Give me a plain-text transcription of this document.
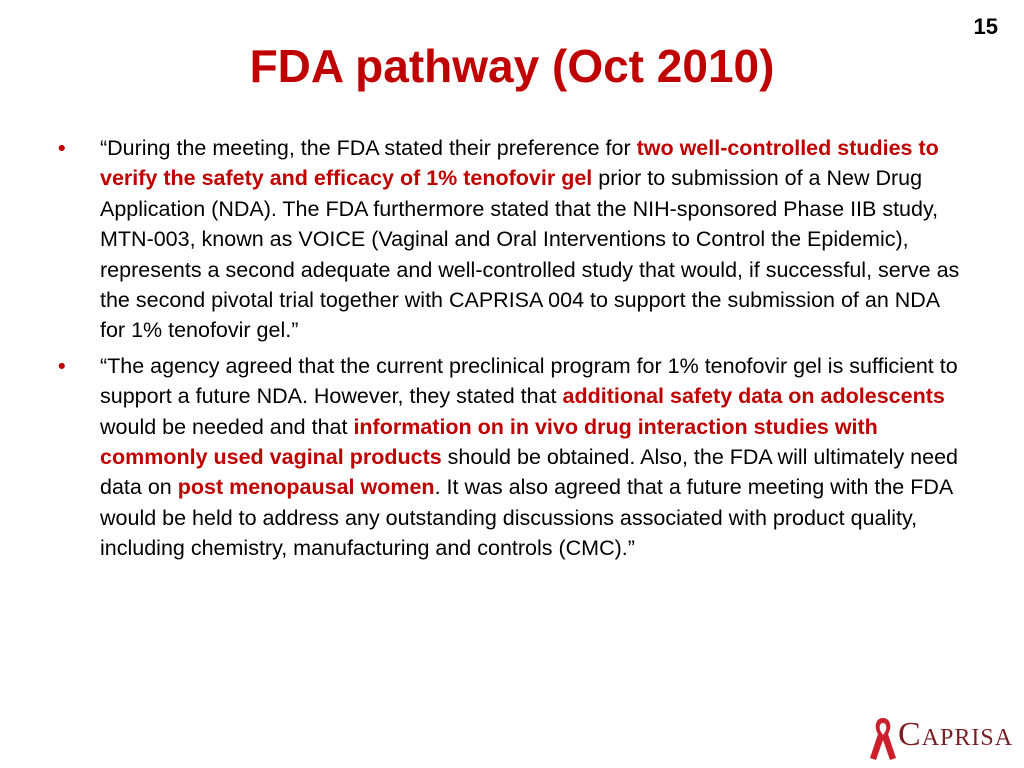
15
FDA pathway (Oct 2010)
• “During the meeting, the FDA stated their preference for two well-controlled studies to verify the safety and efficacy of 1% tenofovir gel prior to submission of a New Drug Application (NDA). The FDA furthermore stated that the NIH-sponsored Phase IIB study, MTN-003, known as VOICE (Vaginal and Oral Interventions to Control the Epidemic), represents a second adequate and well-controlled study that would, if successful, serve as the second pivotal trial together with CAPRISA 004 to support the submission of an NDA for 1% tenofovir gel.”
• “The agency agreed that the current preclinical program for 1% tenofovir gel is sufficient to support a future NDA. However, they stated that additional safety data on adolescents would be needed and that information on in vivo drug interaction studies with commonly used vaginal products should be obtained. Also, the FDA will ultimately need data on post menopausal women. It was also agreed that a future meeting with the FDA would be held to address any outstanding discussions associated with product quality, including chemistry, manufacturing and controls (CMC).”
CAPRISA
